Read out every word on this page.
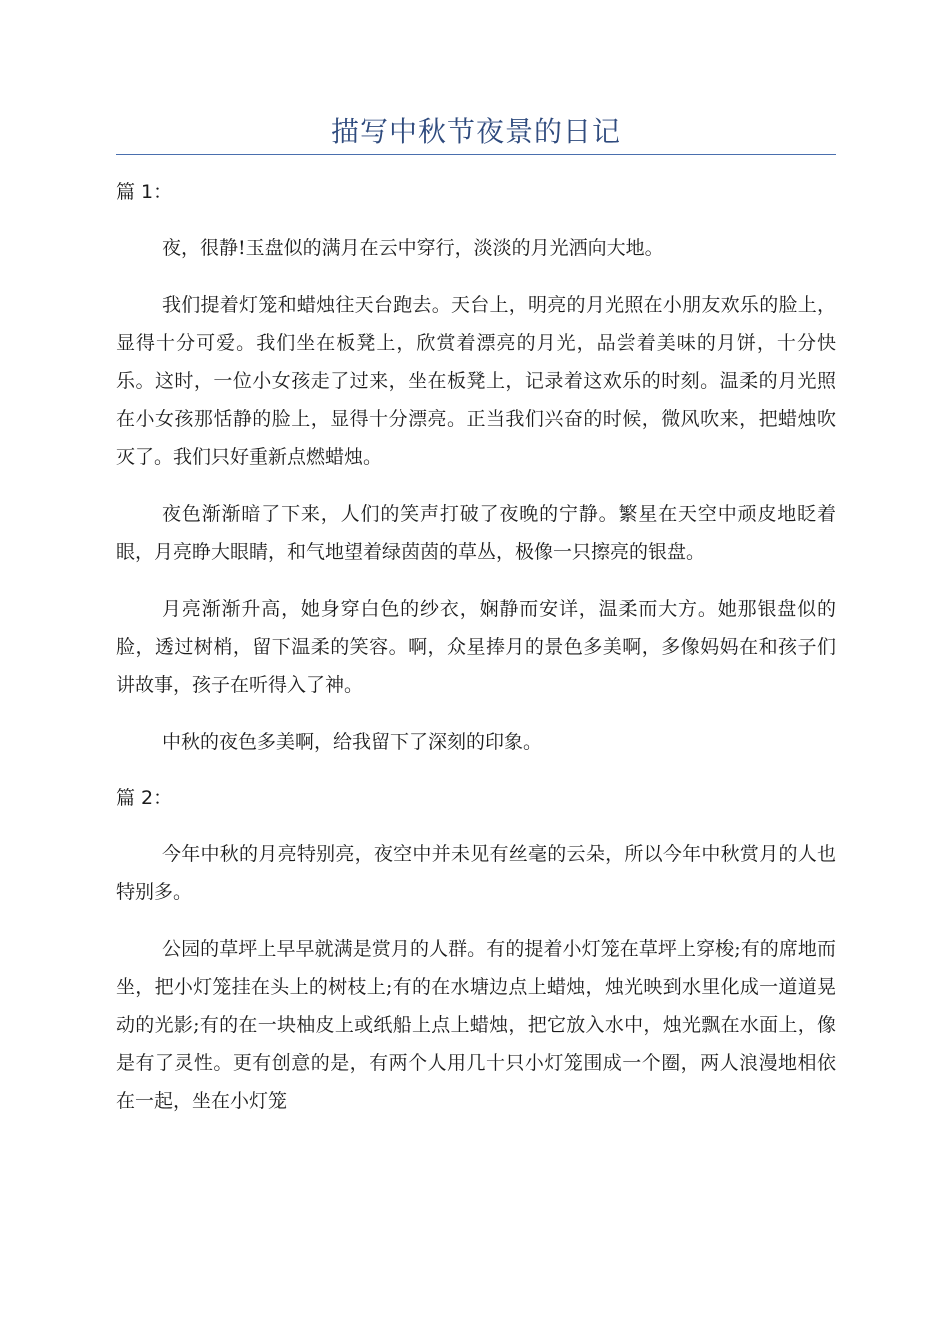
描写中秋节夜景的日记

篇 1：

夜，很静!玉盘似的满月在云中穿行，淡淡的月光洒向大地。

我们提着灯笼和蜡烛往天台跑去。天台上，明亮的月光照在小朋友欢乐的脸上，显得十分可爱。我们坐在板凳上，欣赏着漂亮的月光，品尝着美味的月饼，十分快乐。这时，一位小女孩走了过来，坐在板凳上，记录着这欢乐的时刻。温柔的月光照在小女孩那恬静的脸上，显得十分漂亮。正当我们兴奋的时候，微风吹来，把蜡烛吹灭了。我们只好重新点燃蜡烛。

夜色渐渐暗了下来，人们的笑声打破了夜晚的宁静。繁星在天空中顽皮地眨着眼，月亮睁大眼睛，和气地望着绿茵茵的草丛，极像一只擦亮的银盘。

月亮渐渐升高，她身穿白色的纱衣，娴静而安详，温柔而大方。她那银盘似的脸，透过树梢，留下温柔的笑容。啊，众星捧月的景色多美啊，多像妈妈在和孩子们讲故事，孩子在听得入了神。

中秋的夜色多美啊，给我留下了深刻的印象。

篇 2：

今年中秋的月亮特别亮，夜空中并未见有丝毫的云朵，所以今年中秋赏月的人也特别多。

公园的草坪上早早就满是赏月的人群。有的提着小灯笼在草坪上穿梭;有的席地而坐，把小灯笼挂在头上的树枝上;有的在水塘边点上蜡烛，烛光映到水里化成一道道晃动的光影;有的在一块柚皮上或纸船上点上蜡烛，把它放入水中，烛光飘在水面上，像是有了灵性。更有创意的是，有两个人用几十只小灯笼围成一个圈，两人浪漫地相依在一起，坐在小灯笼
